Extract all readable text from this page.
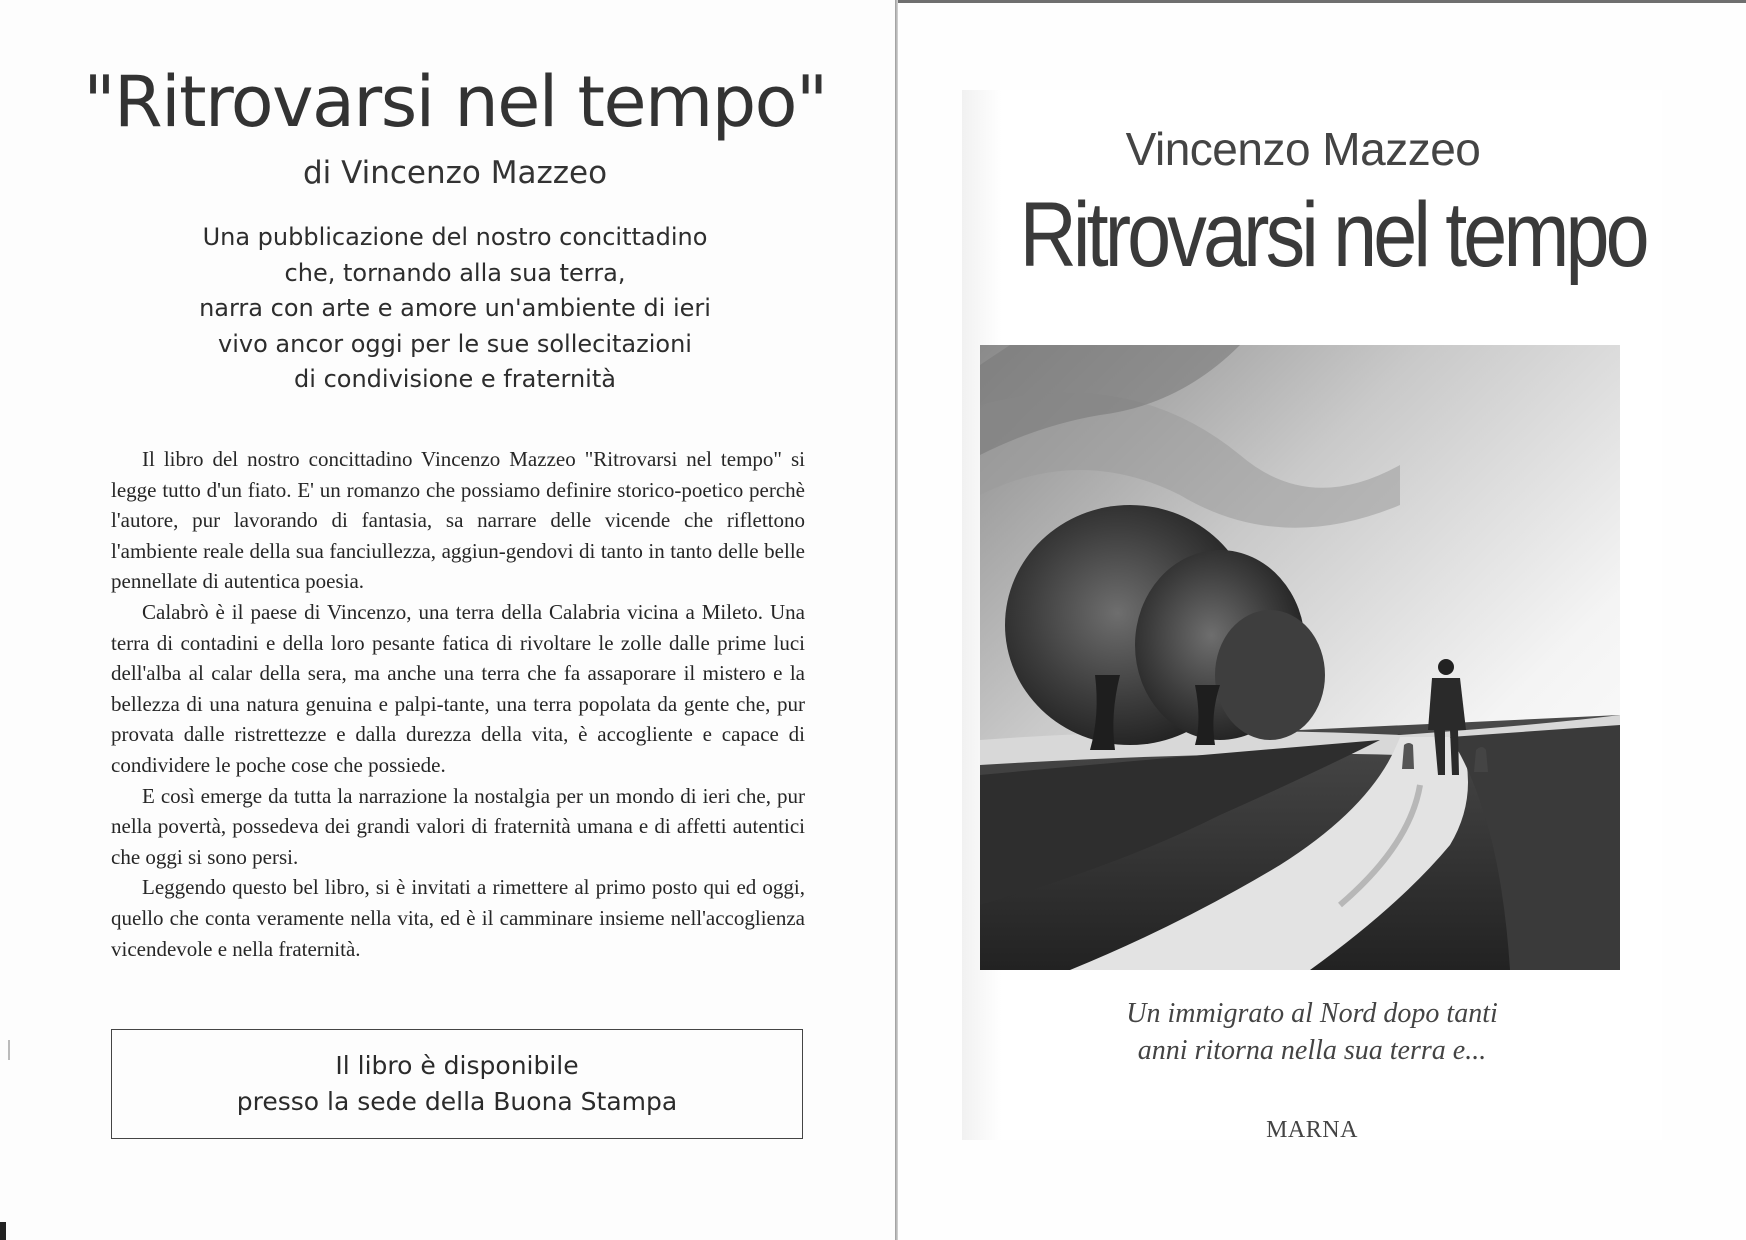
"Ritrovarsi nel tempo"
di Vincenzo Mazzeo
Una pubblicazione del nostro concittadino
che, tornando alla sua terra,
narra con arte e amore un'ambiente di ieri
vivo ancor oggi per le sue sollecitazioni
di condivisione e fraternità

Il libro del nostro concittadino Vincenzo Mazzeo "Ritrovarsi nel tempo" si legge tutto d'un fiato. E' un romanzo che possiamo definire storico-poetico perchè l'autore, pur lavorando di fantasia, sa narrare delle vicende che riflettono l'ambiente reale della sua fanciullezza, aggiun-gendovi di tanto in tanto delle belle pennellate di autentica poesia.

Calabrò è il paese di Vincenzo, una terra della Calabria vicina a Mileto. Una terra di contadini e della loro pesante fatica di rivoltare le zolle dalle prime luci dell'alba al calar della sera, ma anche una terra che fa assaporare il mistero e la bellezza di una natura genuina e palpi-tante, una terra popolata da gente che, pur provata dalle ristrettezze e dalla durezza della vita, è accogliente e capace di condividere le poche cose che possiede.

E così emerge da tutta la narrazione la nostalgia per un mondo di ieri che, pur nella povertà, possedeva dei grandi valori di fraternità umana e di affetti autentici che oggi si sono persi.

Leggendo questo bel libro, si è invitati a rimettere al primo posto qui ed oggi, quello che conta veramente nella vita, ed è il camminare insieme nell'accoglienza vicendevole e nella fraternità.

Il libro è disponibile
presso la sede della Buona Stampa
Vincenzo Mazzeo
Ritrovarsi nel tempo
Un immigrato al Nord dopo tanti
anni ritorna nella sua terra e...
MARNA
